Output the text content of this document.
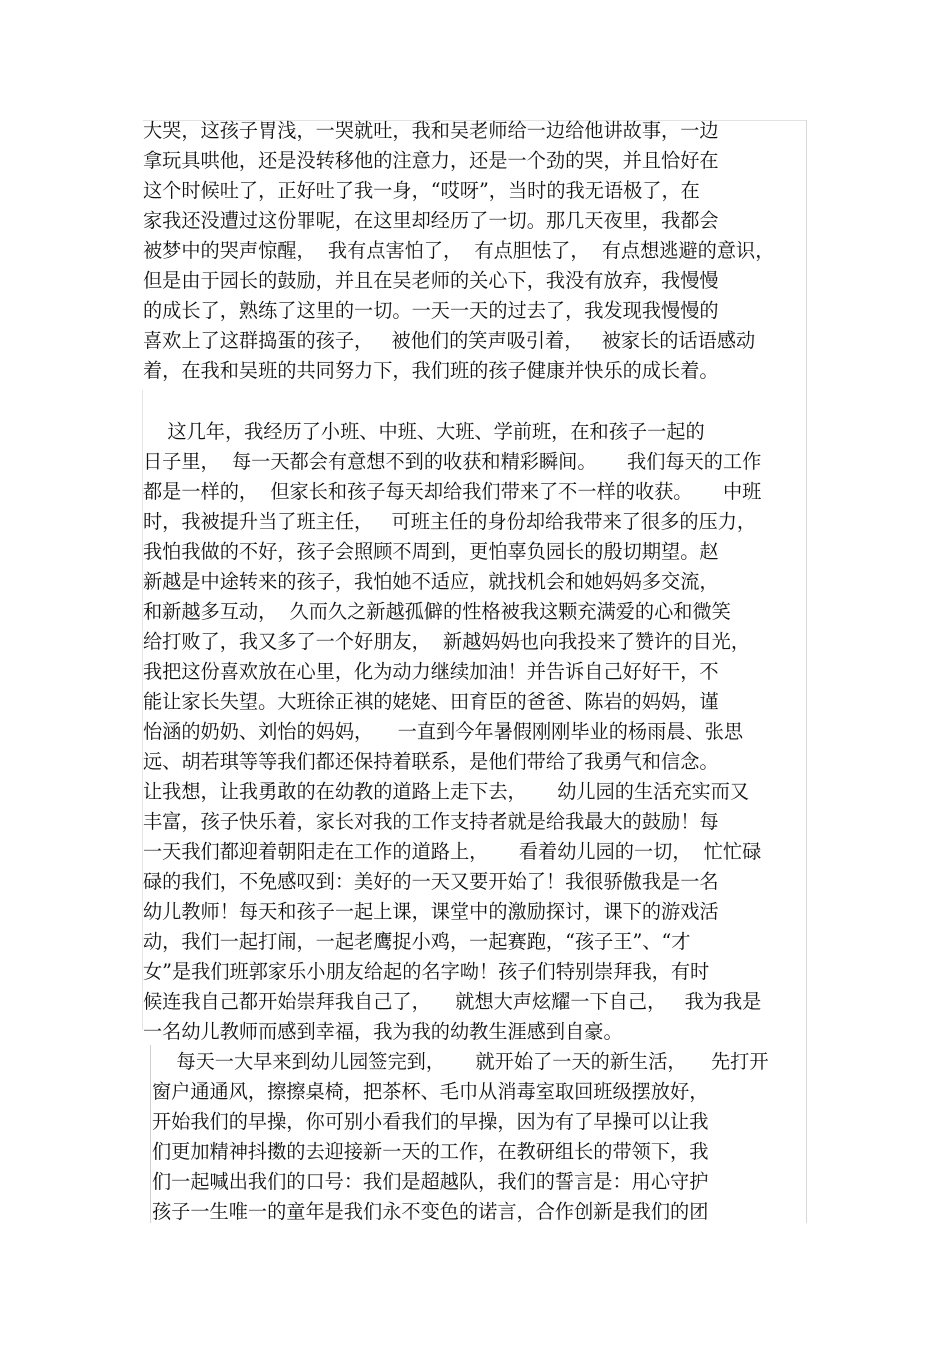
大哭，这孩子胃浅，一哭就吐，我和吴老师给一边给他讲故事，一边
拿玩具哄他，还是没转移他的注意力，还是一个劲的哭，并且恰好在
这个时候吐了，正好吐了我一身，“哎呀”，当时的我无语极了，在
家我还没遭过这份罪呢，在这里却经历了一切。那几天夜里，我都会
被梦中的哭声惊醒，  我有点害怕了，  有点胆怯了，  有点想逃避的意识，
但是由于园长的鼓励，并且在吴老师的关心下，我没有放弃，我慢慢
的成长了，熟练了这里的一切。一天一天的过去了，我发现我慢慢的
喜欢上了这群捣蛋的孩子，   被他们的笑声吸引着，   被家长的话语感动
着，在我和吴班的共同努力下，我们班的孩子健康并快乐的成长着。
这几年，我经历了小班、中班、大班、学前班，在和孩子一起的
日子里，  每一天都会有意想不到的收获和精彩瞬间。     我们每天的工作
都是一样的，  但家长和孩子每天却给我们带来了不一样的收获。     中班
时，我被提升当了班主任，   可班主任的身份却给我带来了很多的压力，
我怕我做的不好，孩子会照顾不周到，更怕辜负园长的殷切期望。赵
新越是中途转来的孩子，我怕她不适应，就找机会和她妈妈多交流，
和新越多互动，  久而久之新越孤僻的性格被我这颗充满爱的心和微笑
给打败了，我又多了一个好朋友，  新越妈妈也向我投来了赞许的目光，
我把这份喜欢放在心里，化为动力继续加油！并告诉自己好好干，不
能让家长失望。大班徐正祺的姥姥、田育臣的爸爸、陈岩的妈妈，谨
怡涵的奶奶、刘怡的妈妈，    一直到今年暑假刚刚毕业的杨雨晨、张思
远、胡若琪等等我们都还保持着联系，是他们带给了我勇气和信念。
让我想，让我勇敢的在幼教的道路上走下去，     幼儿园的生活充实而又
丰富，孩子快乐着，家长对我的工作支持者就是给我最大的鼓励！每
一天我们都迎着朝阳走在工作的道路上，     看着幼儿园的一切，  忙忙碌
碌的我们，不免感叹到：美好的一天又要开始了！我很骄傲我是一名
幼儿教师！每天和孩子一起上课，课堂中的激励探讨，课下的游戏活
动，我们一起打闹，一起老鹰捉小鸡，一起赛跑，“孩子王”、“才
女”是我们班郭家乐小朋友给起的名字呦！孩子们特别崇拜我，有时
候连我自己都开始崇拜我自己了，    就想大声炫耀一下自己，   我为我是
一名幼儿教师而感到幸福，我为我的幼教生涯感到自豪。
每天一大早来到幼儿园签完到，     就开始了一天的新生活，    先打开
窗户通通风，擦擦桌椅，把茶杯、毛巾从消毒室取回班级摆放好，
开始我们的早操，你可别小看我们的早操，因为有了早操可以让我
们更加精神抖擞的去迎接新一天的工作，在教研组长的带领下，我
们一起喊出我们的口号：我们是超越队，我们的誓言是：用心守护
孩子一生唯一的童年是我们永不变色的诺言，合作创新是我们的团
